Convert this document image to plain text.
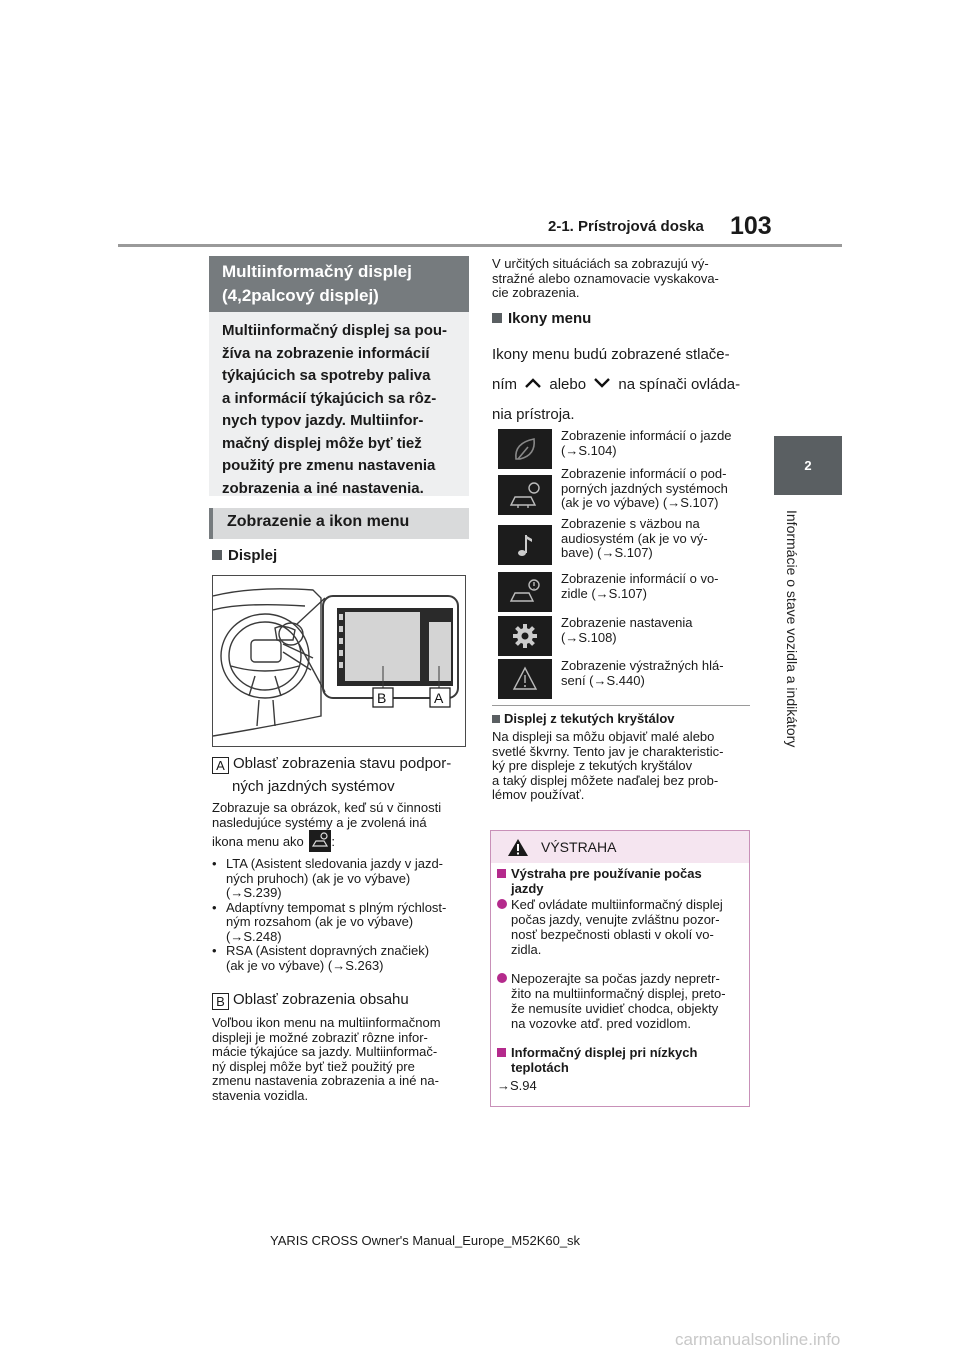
2-1. Prístrojová doska 103
2
Informácie o stave vozidla a indikátory
Multiinformačný displej
(4,2palcový displej)
Multiinformačný displej sa pou-
žíva na zobrazenie informácií
týkajúcich sa spotreby paliva
a informácií týkajúcich sa rôz-
nych typov jazdy. Multiinfor-
mačný displej môže byť tiež
použitý pre zmenu nastavenia
zobrazenia a iné nastavenia.
Zobrazenie a ikon menu
Displej
B	A
A Oblasť zobrazenia stavu podpor-
ných jazdných systémov
Zobrazuje sa obrázok, keď sú v činnosti
nasledujúce systémy a je zvolená iná
ikona menu ako :
• LTA (Asistent sledovania jazdy v jazd-
ných pruhoch) (ak je vo výbave)
(→S.239)
• Adaptívny tempomat s plným rýchlost-
ným rozsahom (ak je vo výbave)
(→S.248)
• RSA (Asistent dopravných značiek)
(ak je vo výbave) (→S.263)
B Oblasť zobrazenia obsahu
Voľbou ikon menu na multiinformačnom
displeji je možné zobraziť rôzne infor-
mácie týkajúce sa jazdy. Multiinformač-
ný displej môže byť tiež použitý pre
zmenu nastavenia zobrazenia a iné na-
stavenia vozidla.
V určitých situáciách sa zobrazujú vý-
stražné alebo oznamovacie vyskakova-
cie zobrazenia.
Ikony menu
Ikony menu budú zobrazené stlače-
ním alebo na spínači ovláda-
nia prístroja.
Zobrazenie informácií o jazde
(→S.104)
Zobrazenie informácií o pod-
porných jazdných systémoch
(ak je vo výbave) (→S.107)
Zobrazenie s väzbou na
audiosystém (ak je vo vý-
bave) (→S.107)
Zobrazenie informácií o vo-
zidle (→S.107)
Zobrazenie nastavenia
(→S.108)
Zobrazenie výstražných hlá-
sení (→S.440)
Displej z tekutých kryštálov
Na displeji sa môžu objaviť malé alebo
svetlé škvrny. Tento jav je charakteristic-
ký pre displeje z tekutých kryštálov
a taký displej môžete naďalej bez prob-
lémov používať.
VÝSTRAHA
Výstraha pre používanie počas
jazdy
Keď ovládate multiinformačný displej
počas jazdy, venujte zvláštnu pozor-
nosť bezpečnosti oblasti v okolí vo-
zidla.
Nepozerajte sa počas jazdy nepretr-
žito na multiinformačný displej, preto-
že nemusíte uvidieť chodca, objekty
na vozovke atď. pred vozidlom.
Informačný displej pri nízkych
teplotách
→S.94
YARIS CROSS Owner's Manual_Europe_M52K60_sk
carmanualsonline.info
